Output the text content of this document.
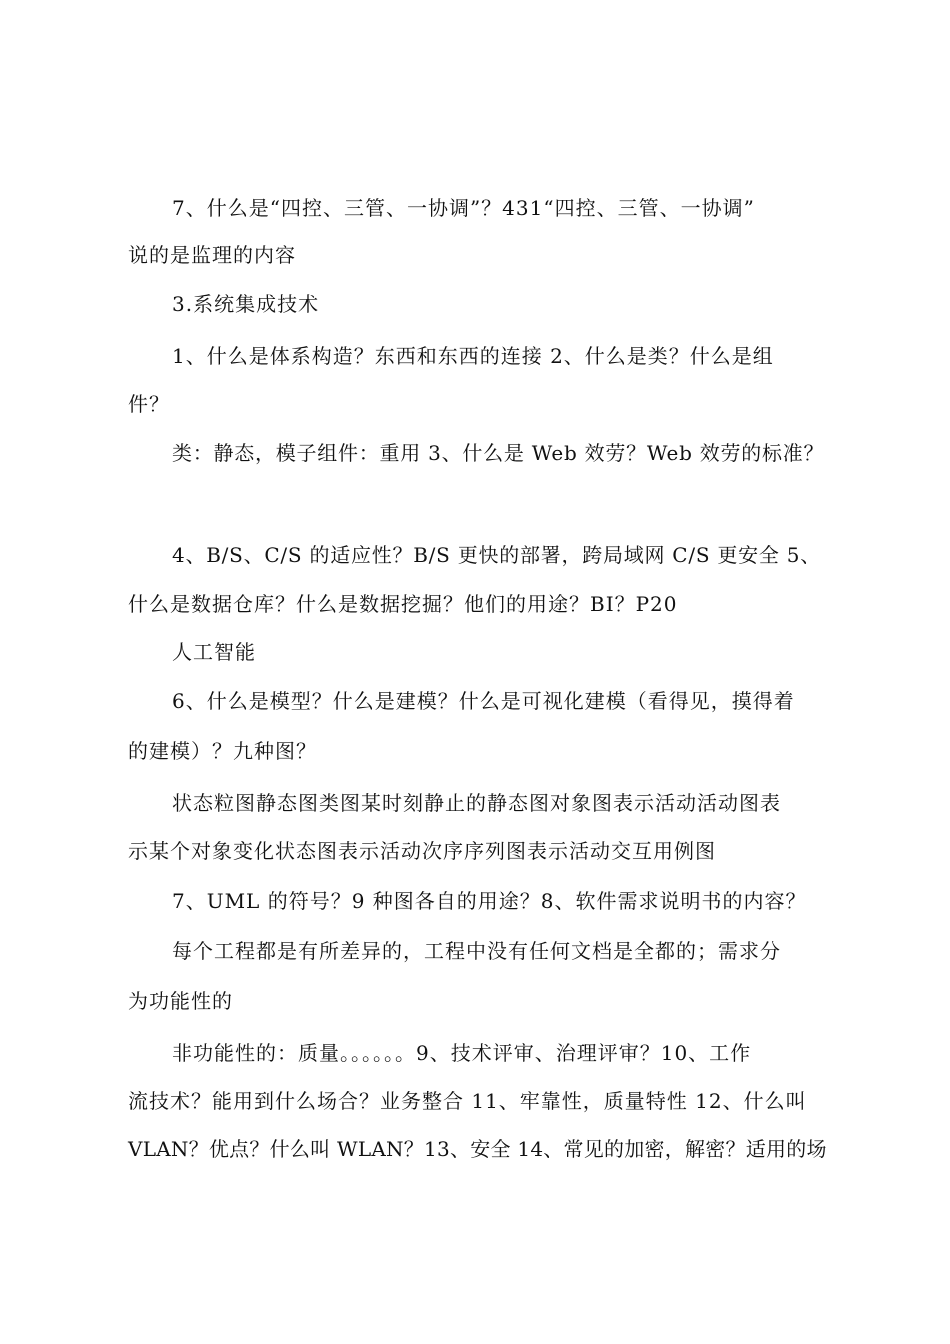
7、什么是“四控、三管、一协调”？431“四控、三管、一协调”
说的是监理的内容
3.系统集成技术
1、什么是体系构造？东西和东西的连接 2、什么是类？什么是组
件？
类：静态，模子组件：重用 3、什么是 Web 效劳？Web 效劳的标准？
4、B/S、C/S 的适应性？B/S 更快的部署，跨局域网 C/S 更安全 5、
什么是数据仓库？什么是数据挖掘？他们的用途？BI？P20
人工智能
6、什么是模型？什么是建模？什么是可视化建模（看得见，摸得着
的建模）？九种图？
状态粒图静态图类图某时刻静止的静态图对象图表示活动活动图表
示某个对象变化状态图表示活动次序序列图表示活动交互用例图
7、UML 的符号？9 种图各自的用途？8、软件需求说明书的内容？
每个工程都是有所差异的，工程中没有任何文档是全都的；需求分
为功能性的
非功能性的：质量。。。。。。9、技术评审、治理评审？10、工作
流技术？能用到什么场合？业务整合 11、牢靠性，质量特性 12、什么叫
VLAN？优点？什么叫 WLAN？13、安全 14、常见的加密，解密？适用的场
